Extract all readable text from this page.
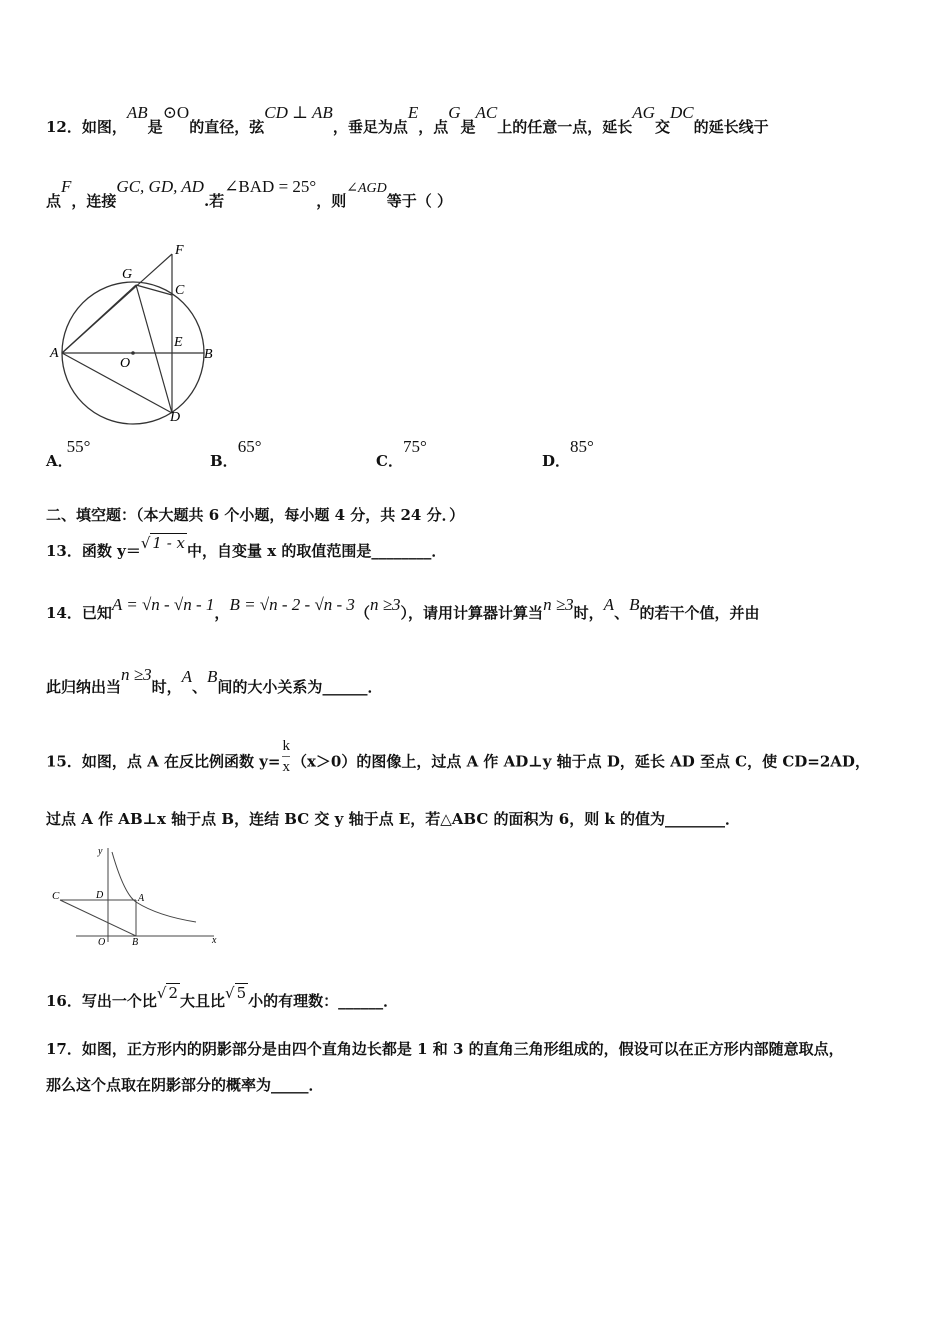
12．如图，AB是⊙O的直径，弦CD ⊥ AB，垂足为点E，点G是AC上的任意一点，延长AG交DC的延长线于
点F，连接GC, GD, AD.若∠BAD = 25°，则∠AGD等于（ ）
F
G
C
A
O
E
B
D
A．55°
B．65°
C．75°
D．85°
二、填空题：（本大题共 6 个小题，每小题 4 分，共 24 分．）
13．函数 y＝√ 1 - x 中，自变量 x 的取值范围是________．
14．已知A = √n - √n - 1，B = √n - 2 - √n - 3（n ≥3），请用计算器计算当n ≥3时，A、B的若干个值，并由
此归纳出当n ≥3时，A、B间的大小关系为______．
15．如图，点 A 在反比例函数 $y= \frac{k}{x} (x>0)$的图像上，过点 A 作 AD⊥y 轴于点 D，延长 AD 至点 C，使 CD=2AD，
过点 A 作 AB⊥x 轴于点 B，连结 BC 交 y 轴于点 E，若△ABC 的面积为 6，则 k 的值为________．
y
C	D	A
O	B	x
16．写出一个比√ 2 大且比√ 5 小的有理数：______．
17．如图，正方形内的阴影部分是由四个直角边长都是 1 和 3 的直角三角形组成的，假设可以在正方形内部随意取点，
那么这个点取在阴影部分的概率为_____．
